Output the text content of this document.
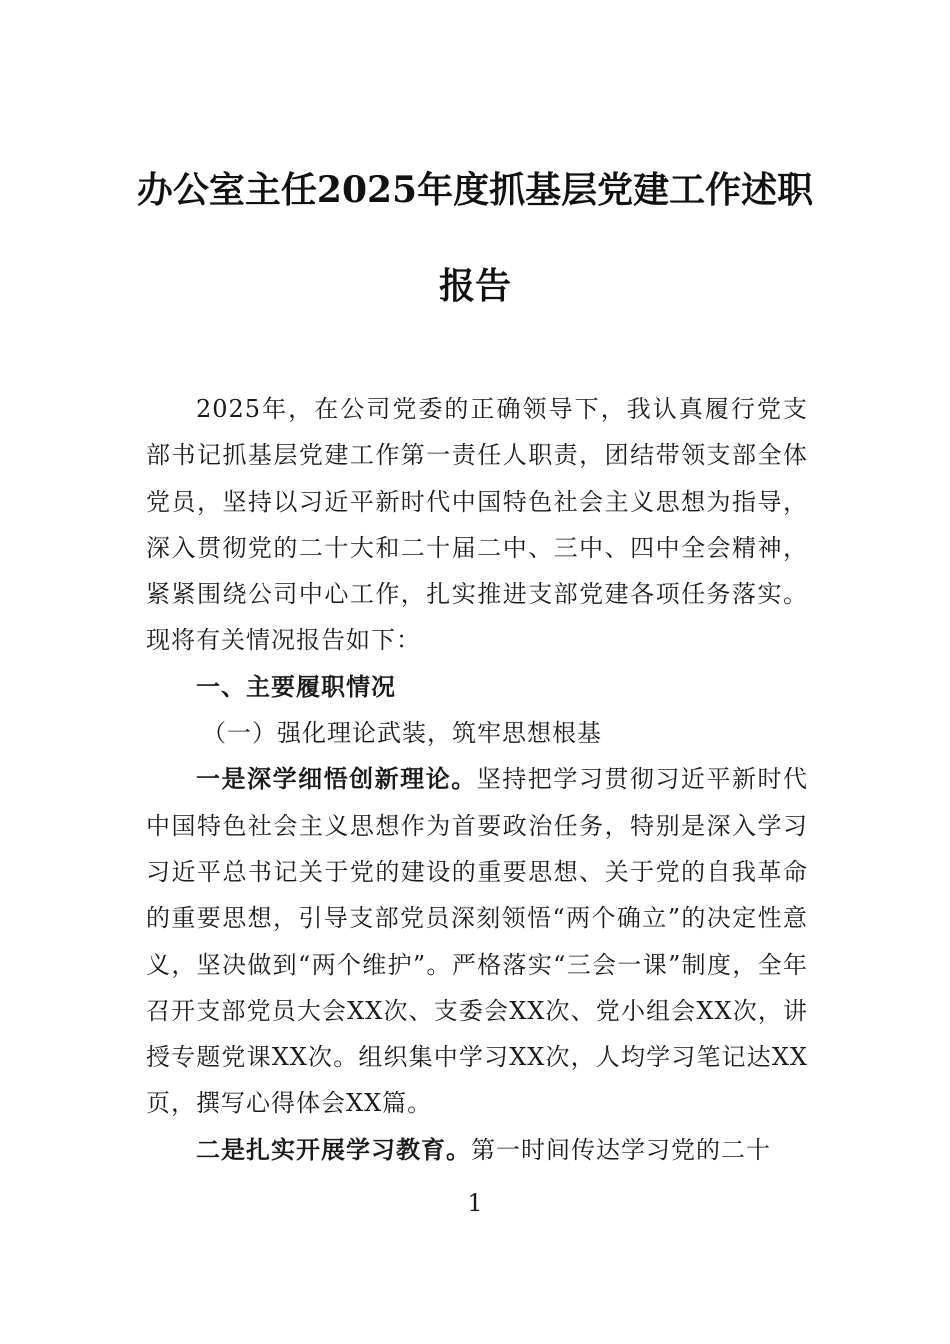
办公室主任2025年度抓基层党建工作述职
报告

2025年，在公司党委的正确领导下，我认真履行党支部书记抓基层党建工作第一责任人职责，团结带领支部全体党员，坚持以习近平新时代中国特色社会主义思想为指导，深入贯彻党的二十大和二十届二中、三中、四中全会精神，紧紧围绕公司中心工作，扎实推进支部党建各项任务落实。现将有关情况报告如下：

一、主要履职情况

（一）强化理论武装，筑牢思想根基

一是深学细悟创新理论。坚持把学习贯彻习近平新时代中国特色社会主义思想作为首要政治任务，特别是深入学习习近平总书记关于党的建设的重要思想、关于党的自我革命的重要思想，引导支部党员深刻领悟“两个确立”的决定性意义，坚决做到“两个维护”。严格落实“三会一课”制度，全年召开支部党员大会XX次、支委会XX次、党小组会XX次，讲授专题党课XX次。组织集中学习XX次，人均学习笔记达XX页，撰写心得体会XX篇。

二是扎实开展学习教育。第一时间传达学习党的二十

1
